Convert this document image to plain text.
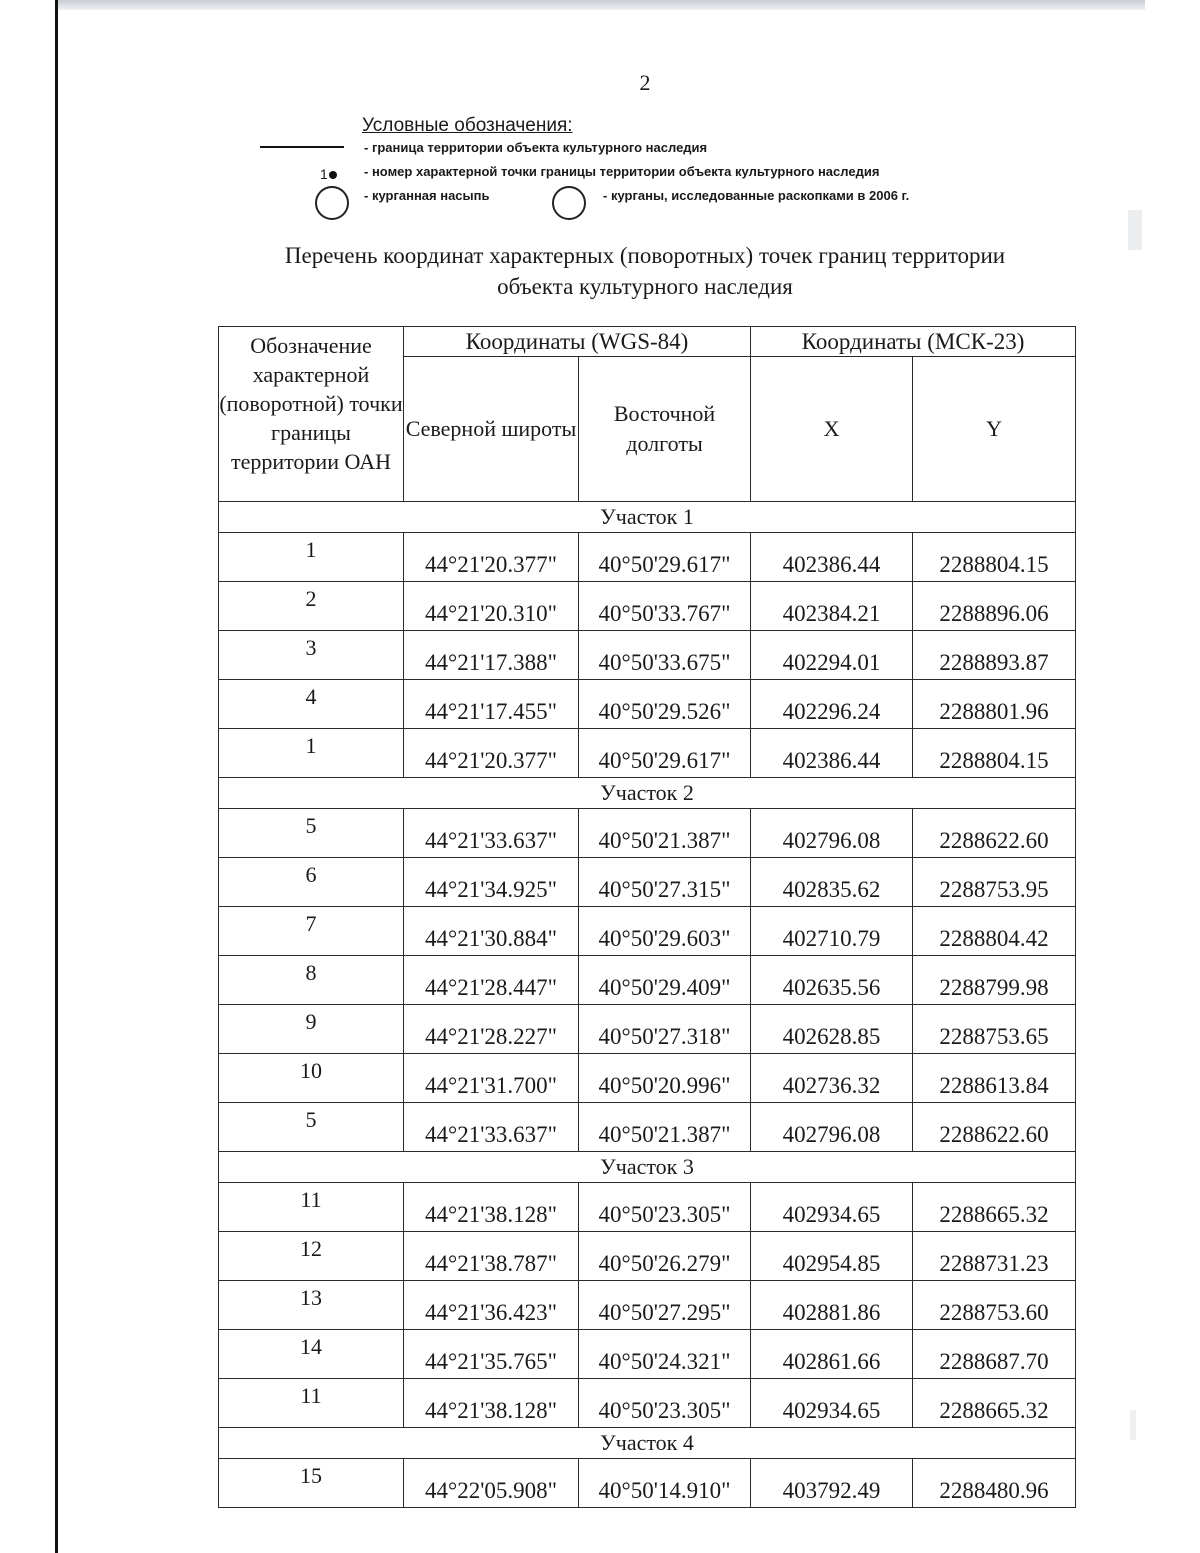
2
Условные обозначения:
- граница территории объекта культурного наследия
1	- номер характерной точки границы территории объекта культурного наследия
- курганная насыпь	- курганы, исследованные раскопками в 2006 г.
Перечень координат характерных (поворотных) точек границ территории
объекта культурного наследия
Обозначение характерной (поворотной) точки границы территории ОАН	Координаты (WGS-84)		Координаты (МСК-23)	
	Северной широты	Восточной долготы	X	Y
Участок 1				
1	44°21'20.377"	40°50'29.617"	402386.44	2288804.15
2	44°21'20.310"	40°50'33.767"	402384.21	2288896.06
3	44°21'17.388"	40°50'33.675"	402294.01	2288893.87
4	44°21'17.455"	40°50'29.526"	402296.24	2288801.96
1	44°21'20.377"	40°50'29.617"	402386.44	2288804.15
Участок 2				
5	44°21'33.637"	40°50'21.387"	402796.08	2288622.60
6	44°21'34.925"	40°50'27.315"	402835.62	2288753.95
7	44°21'30.884"	40°50'29.603"	402710.79	2288804.42
8	44°21'28.447"	40°50'29.409"	402635.56	2288799.98
9	44°21'28.227"	40°50'27.318"	402628.85	2288753.65
10	44°21'31.700"	40°50'20.996"	402736.32	2288613.84
5	44°21'33.637"	40°50'21.387"	402796.08	2288622.60
Участок 3				
11	44°21'38.128"	40°50'23.305"	402934.65	2288665.32
12	44°21'38.787"	40°50'26.279"	402954.85	2288731.23
13	44°21'36.423"	40°50'27.295"	402881.86	2288753.60
14	44°21'35.765"	40°50'24.321"	402861.66	2288687.70
11	44°21'38.128"	40°50'23.305"	402934.65	2288665.32
Участок 4				
15	44°22'05.908"	40°50'14.910"	403792.49	2288480.96
